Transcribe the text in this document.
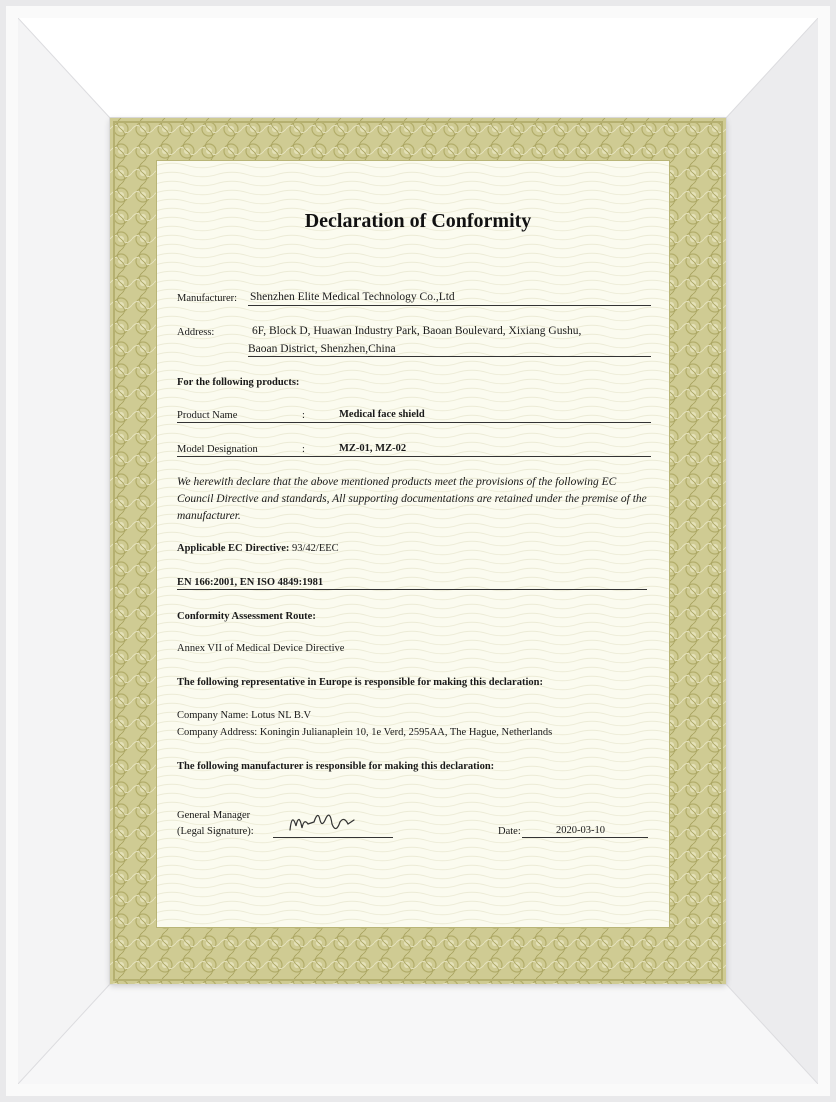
Declaration of Conformity
Manufacturer: Shenzhen Elite Medical Technology Co.,Ltd
Address:	6F, Block D, Huawan Industry Park, Baoan Boulevard, Xixiang Gushu,
Baoan District, Shenzhen,China
For the following products:
Product Name	:	Medical face shield
Model Designation	:	MZ-01, MZ-02
We herewith declare that the above mentioned products meet the provisions of the following EC Council Directive and standards, All supporting documentations are retained under the premise of the manufacturer.
Applicable EC Directive: 93/42/EEC
EN 166:2001, EN ISO 4849:1981
Conformity Assessment Route:
Annex VII of Medical Device Directive
The following representative in Europe is responsible for making this declaration:
Company Name: Lotus NL B.V
Company Address: Koningin Julianaplein 10, 1e Verd, 2595AA, The Hague, Netherlands
The following manufacturer is responsible for making this declaration:
General Manager
(Legal Signature):	Date:	2020-03-10
